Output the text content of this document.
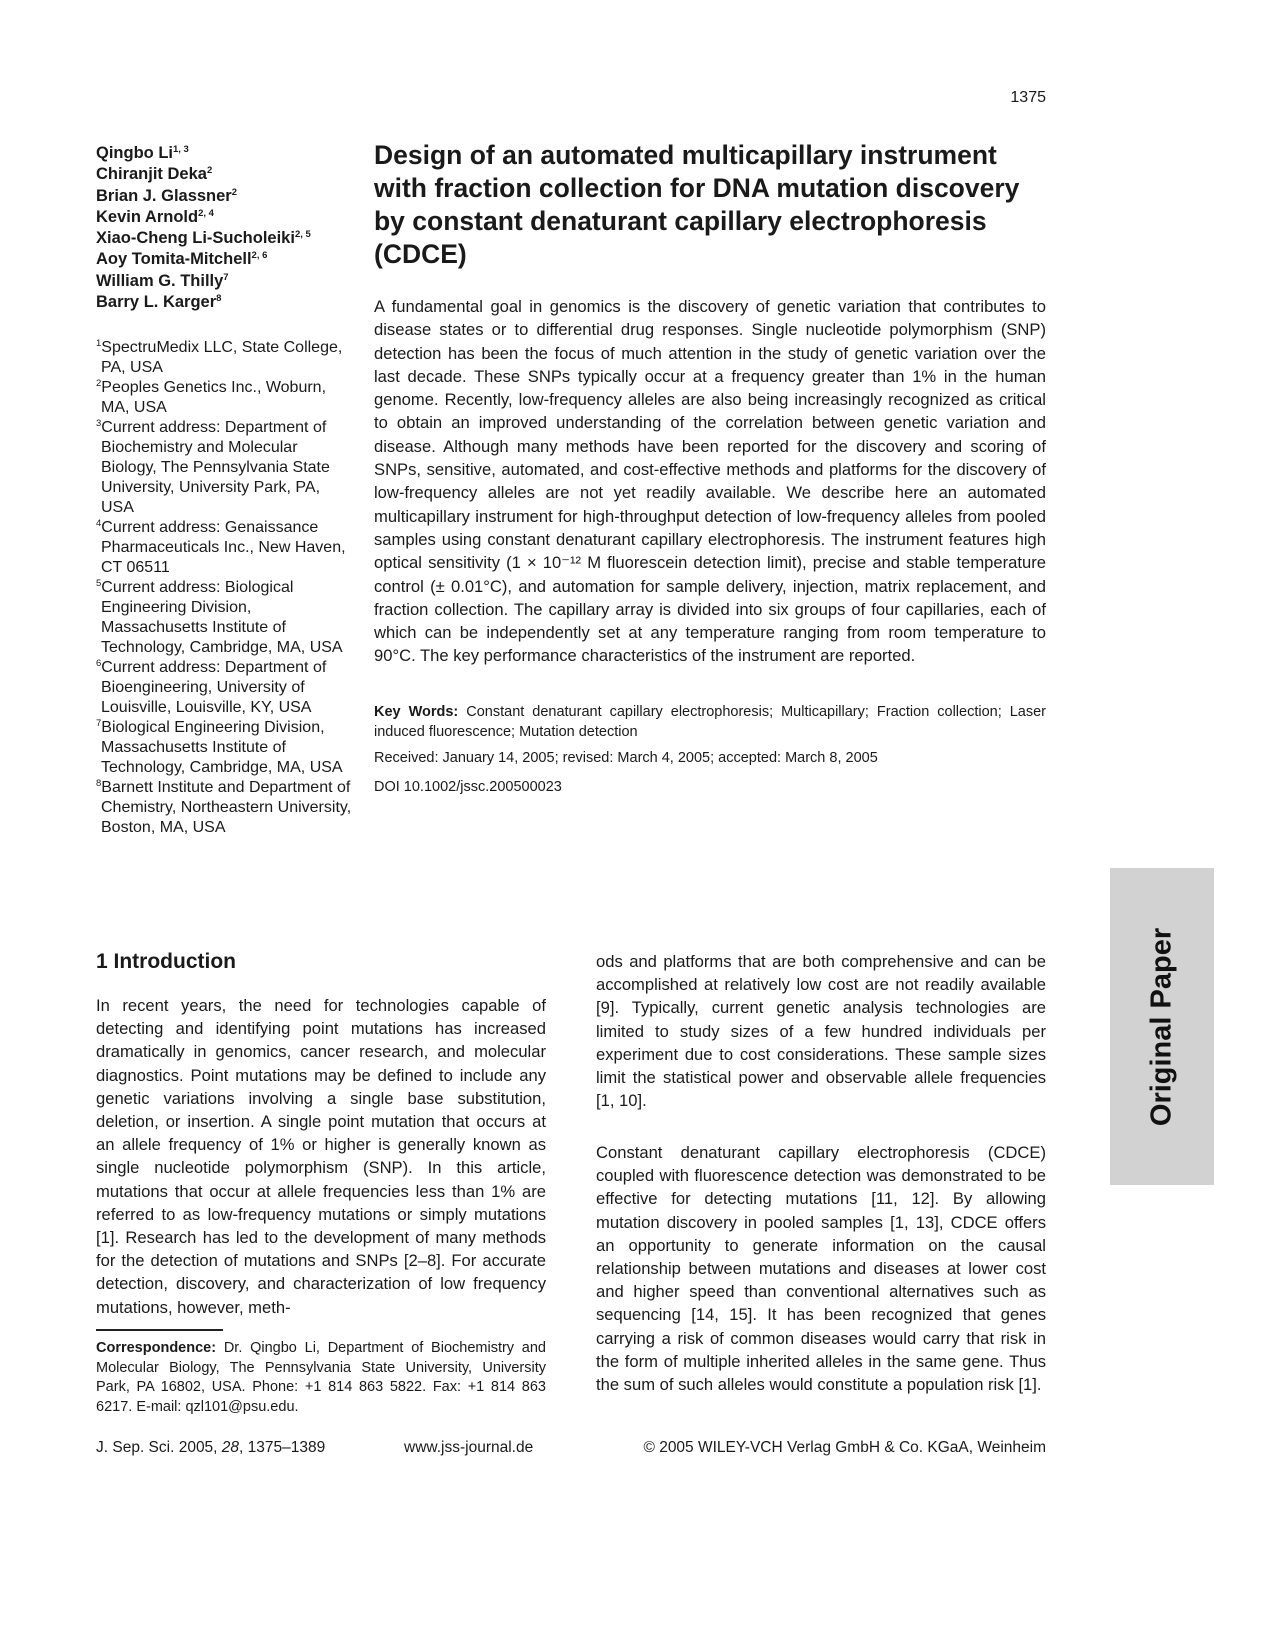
1375
Qingbo Li$^{1, 3}$
Chiranjit Deka$^2$
Brian J. Glassner$^2$
Kevin Arnold$^{2, 4}$
Xiao-Cheng Li-Sucholeiki$^{2, 5}$
Aoy Tomita-Mitchell$^{2, 6}$
William G. Thilly$^7$
Barry L. Karger$^8$
$^1$SpectruMedix LLC, State College, PA, USA
$^2$Peoples Genetics Inc., Woburn, MA, USA
$^3$Current address: Department of Biochemistry and Molecular Biology, The Pennsylvania State University, University Park, PA, USA
$^4$Current address: Genaissance Pharmaceuticals Inc., New Haven, CT 06511
$^5$Current address: Biological Engineering Division, Massachusetts Institute of Technology, Cambridge, MA, USA
$^6$Current address: Department of Bioengineering, University of Louisville, Louisville, KY, USA
$^7$Biological Engineering Division, Massachusetts Institute of Technology, Cambridge, MA, USA
$^8$Barnett Institute and Department of Chemistry, Northeastern University, Boston, MA, USA
Design of an automated multicapillary instrument with fraction collection for DNA mutation discovery by constant denaturant capillary electrophoresis (CDCE)

A fundamental goal in genomics is the discovery of genetic variation that contributes to disease states or to differential drug responses. Single nucleotide polymorphism (SNP) detection has been the focus of much attention in the study of genetic variation over the last decade. These SNPs typically occur at a frequency greater than 1% in the human genome. Recently, low-frequency alleles are also being increasingly recognized as critical to obtain an improved understanding of the correlation between genetic variation and disease. Although many methods have been reported for the discovery and scoring of SNPs, sensitive, automated, and cost-effective methods and platforms for the discovery of low-frequency alleles are not yet readily available. We describe here an automated multicapillary instrument for high-throughput detection of low-frequency alleles from pooled samples using constant denaturant capillary electrophoresis. The instrument features high optical sensitivity (1 × 10⁻¹² M fluorescein detection limit), precise and stable temperature control (± 0.01°C), and automation for sample delivery, injection, matrix replacement, and fraction collection. The capillary array is divided into six groups of four capillaries, each of which can be independently set at any temperature ranging from room temperature to 90°C. The key performance characteristics of the instrument are reported.

Key Words: Constant denaturant capillary electrophoresis; Multicapillary; Fraction collection; Laser induced fluorescence; Mutation detection
Received: January 14, 2005; revised: March 4, 2005; accepted: March 8, 2005
DOI 10.1002/jssc.200500023
1 Introduction
In recent years, the need for technologies capable of detecting and identifying point mutations has increased dramatically in genomics, cancer research, and molecular diagnostics. Point mutations may be defined to include any genetic variations involving a single base substitution, deletion, or insertion. A single point mutation that occurs at an allele frequency of 1% or higher is generally known as single nucleotide polymorphism (SNP). In this article, mutations that occur at allele frequencies less than 1% are referred to as low-frequency mutations or simply mutations [1]. Research has led to the development of many methods for the detection of mutations and SNPs [2–8]. For accurate detection, discovery, and characterization of low frequency mutations, however, meth-
ods and platforms that are both comprehensive and can be accomplished at relatively low cost are not readily available [9]. Typically, current genetic analysis technologies are limited to study sizes of a few hundred individuals per experiment due to cost considerations. These sample sizes limit the statistical power and observable allele frequencies [1, 10].
Constant denaturant capillary electrophoresis (CDCE) coupled with fluorescence detection was demonstrated to be effective for detecting mutations [11, 12]. By allowing mutation discovery in pooled samples [1, 13], CDCE offers an opportunity to generate information on the causal relationship between mutations and diseases at lower cost and higher speed than conventional alternatives such as sequencing [14, 15]. It has been recognized that genes carrying a risk of common diseases would carry that risk in the form of multiple inherited alleles in the same gene. Thus the sum of such alleles would constitute a population risk [1].
Correspondence: Dr. Qingbo Li, Department of Biochemistry and Molecular Biology, The Pennsylvania State University, University Park, PA 16802, USA. Phone: +1 814 863 5822. Fax: +1 814 863 6217. E-mail: qzl101@psu.edu.
J. Sep. Sci. 2005, 28, 1375–1389	www.jss-journal.de	© 2005 WILEY-VCH Verlag GmbH & Co. KGaA, Weinheim
Original Paper
